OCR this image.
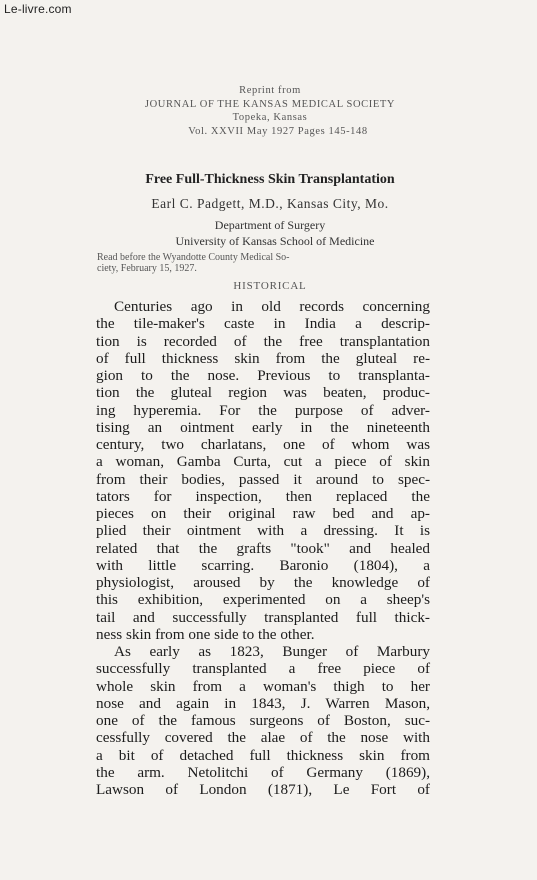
Le-livre.com
Reprint from
JOURNAL OF THE KANSAS MEDICAL SOCIETY
Topeka, Kansas
Vol. XXVII May 1927 Pages 145-148
Free Full-Thickness Skin Transplantation
Earl C. Padgett, M.D., Kansas City, Mo.
Department of Surgery
University of Kansas School of Medicine
Read before the Wyandotte County Medical So-
ciety, February 15, 1927.
HISTORICAL
Centuries ago in old records concerning
the tile-maker's caste in India a descrip-
tion is recorded of the free transplantation
of full thickness skin from the gluteal re-
gion to the nose. Previous to transplanta-
tion the gluteal region was beaten, produc-
ing hyperemia. For the purpose of adver-
tising an ointment early in the nineteenth
century, two charlatans, one of whom was
a woman, Gamba Curta, cut a piece of skin
from their bodies, passed it around to spec-
tators for inspection, then replaced the
pieces on their original raw bed and ap-
plied their ointment with a dressing. It is
related that the grafts "took" and healed
with little scarring. Baronio (1804), a
physiologist, aroused by the knowledge of
this exhibition, experimented on a sheep's
tail and successfully transplanted full thick-
ness skin from one side to the other.
As early as 1823, Bunger of Marbury
successfully transplanted a free piece of
whole skin from a woman's thigh to her
nose and again in 1843, J. Warren Mason,
one of the famous surgeons of Boston, suc-
cessfully covered the alae of the nose with
a bit of detached full thickness skin from
the arm. Netolitchi of Germany (1869),
Lawson of London (1871), Le Fort of
